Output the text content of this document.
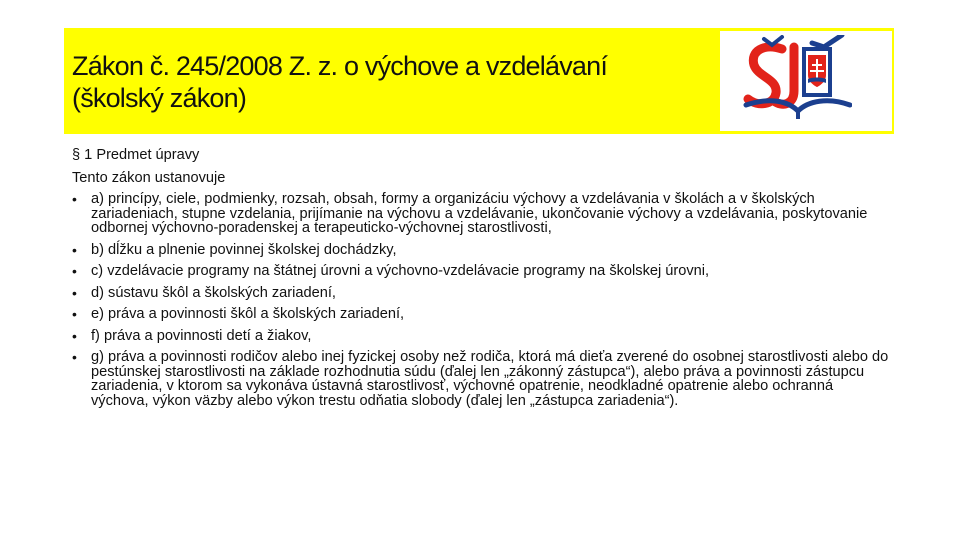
Zákon č. 245/2008 Z. z. o výchove a vzdelávaní
(školský zákon)
§ 1 Predmet úpravy
Tento zákon ustanovuje
• a) princípy, ciele, podmienky, rozsah, obsah, formy a organizáciu výchovy a vzdelávania v školách a v školských zariadeniach, stupne vzdelania, prijímanie na výchovu a vzdelávanie, ukončovanie výchovy a vzdelávania, poskytovanie odbornej výchovno-poradenskej a terapeuticko-výchovnej starostlivosti,
• b) dĺžku a plnenie povinnej školskej dochádzky,
• c) vzdelávacie programy na štátnej úrovni a výchovno-vzdelávacie programy na školskej úrovni,
• d) sústavu škôl a školských zariadení,
• e) práva a povinnosti škôl a školských zariadení,
• f) práva a povinnosti detí a žiakov,
• g) práva a povinnosti rodičov alebo inej fyzickej osoby než rodiča, ktorá má dieťa zverené do osobnej starostlivosti alebo do pestúnskej starostlivosti na základe rozhodnutia súdu (ďalej len „zákonný zástupca“), alebo práva a povinnosti zástupcu zariadenia, v ktorom sa vykonáva ústavná starostlivosť, výchovné opatrenie, neodkladné opatrenie alebo ochranná výchova, výkon väzby alebo výkon trestu odňatia slobody (ďalej len „zástupca zariadenia“).
